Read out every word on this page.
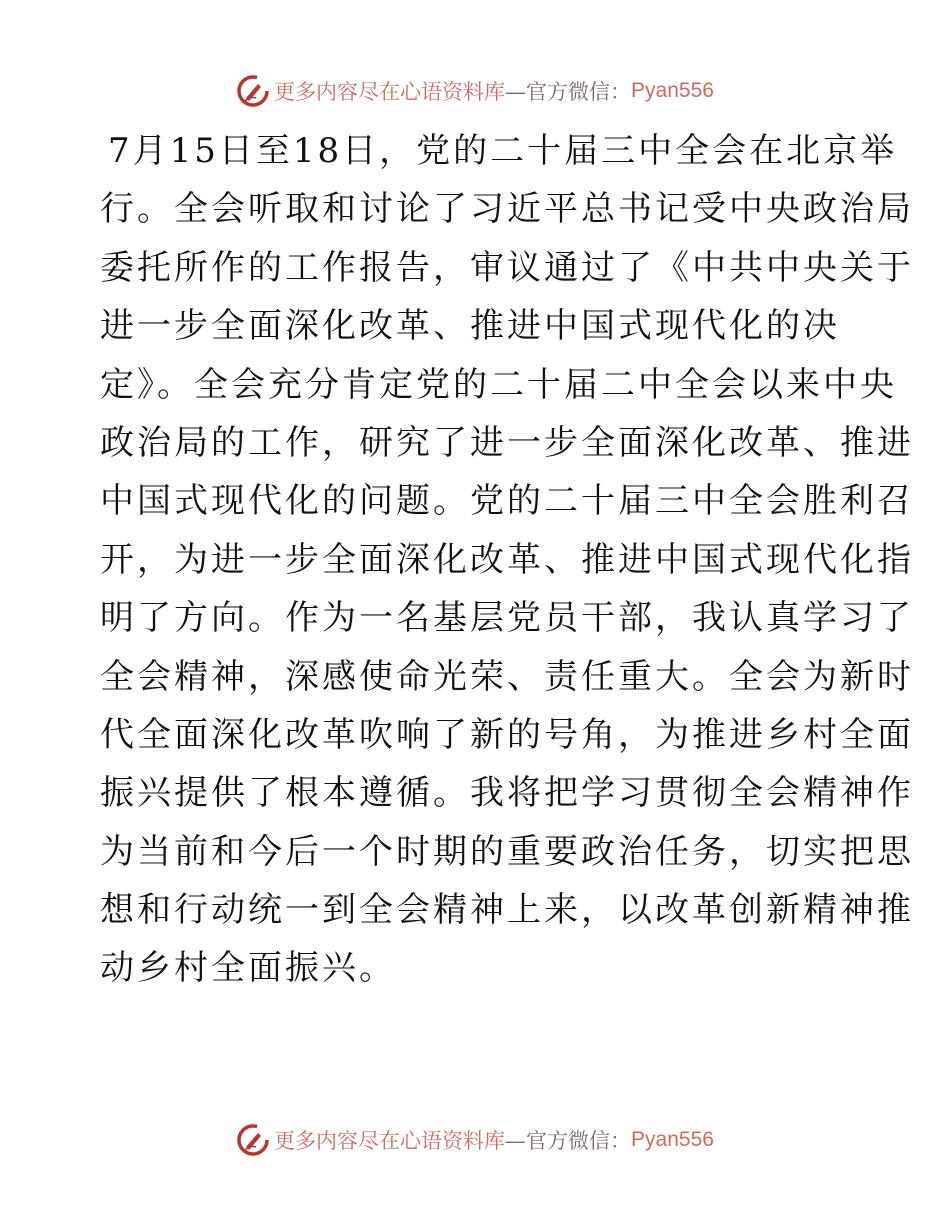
更多内容尽在心语资料库 —官方微信： Pyan556
7月15日至18日，党的二十届三中全会在北京举
行。全会听取和讨论了习近平总书记受中央政治局
委托所作的工作报告，审议通过了《中共中央关于
进一步全面深化改革、推进中国式现代化的决
定》。全会充分肯定党的二十届二中全会以来中央
政治局的工作，研究了进一步全面深化改革、推进
中国式现代化的问题。党的二十届三中全会胜利召
开，为进一步全面深化改革、推进中国式现代化指
明了方向。作为一名基层党员干部，我认真学习了
全会精神，深感使命光荣、责任重大。全会为新时
代全面深化改革吹响了新的号角，为推进乡村全面
振兴提供了根本遵循。我将把学习贯彻全会精神作
为当前和今后一个时期的重要政治任务，切实把思
想和行动统一到全会精神上来，以改革创新精神推
动乡村全面振兴。
更多内容尽在心语资料库 —官方微信： Pyan556
